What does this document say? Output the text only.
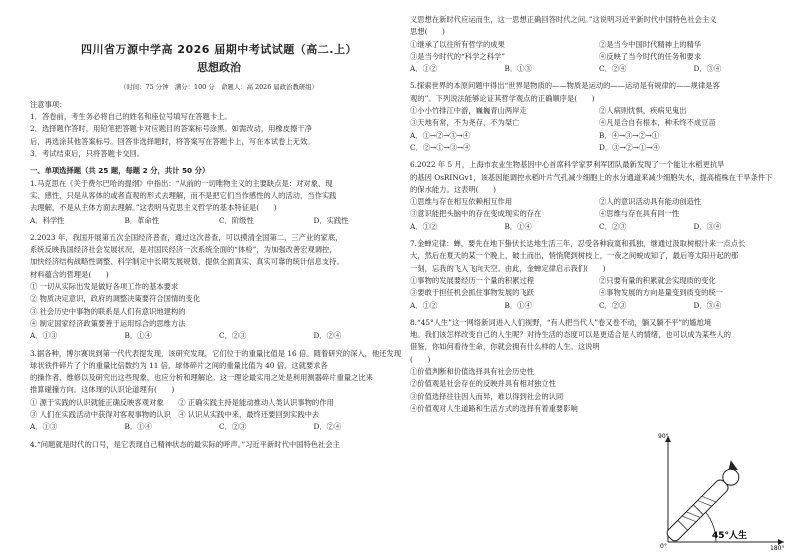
四川省万源中学高 2026 届期中考试试题（高二.上）
思想政治
（时间：75 分钟　满分：100 分　命题人：高 2026 届政治教研组）
注意事项：
1．答卷前，考生务必将自己的姓名和座位号填写在答题卡上。
2．选择题作答时，用铅笔把答题卡对应题目的答案标号涂黑。如需改动，用橡皮擦干净
后，再选涂其他答案标号。回答非选择题时，将答案写在答题卡上，写在本试卷上无效。
3．考试结束后，只将答题卡交回。
一、单项选择题（共 25 题，每题 2 分，共计 50 分）
1.马克思在《关于费尔巴哈的提纲》中指出：“从前的一切唯物主义的主要缺点是：对对象、现
实、感性，只是从客体的或者直观的形式去理解，而不是把它们当作感性的人的活动，当作实践
去理解，不是从主体方面去理解。”这表明马克思主义哲学的基本特征是(　　)
A．科学性	B．革命性	C．阶级性	D．实践性
2.2023 年，我国开展第五次全国经济普查，通过这次普查，可以摸清全国第二、三产业的家底，
系统反映我国经济社会发展状况，是对国民经济一次系统全面的“体检”，为加强改善宏观调控，
加快经济结构战略性调整、科学制定中长期发展规划，提供全面真实、真实可靠的统计信息支持。
材料蕴含的哲理是(　　)
① 一切从实际出发是做好各项工作的基本要求
② 物质决定意识，政府的调整决策要符合国情的变化
③ 社会历史中事物的联系是人们有意识地建构的
④ 制定国家经济政策要善于运用综合的思维方法
A．①③	B．①④	C．②③	D．②④
3.据各种，博尔赛说到第一代代表提发现，该研究发现，它们位于的重量比值是 16 倍。随着研究的深入，他还发现
球状铁件碎片了个的重量比倍数约为 11 倍，球体碎片之间的重量比值为 40 倍，这就要求各
的操作者、维修以及研究出这些现象，也应分析和理解论。这一理论最实用之处是利用测器碎片重量之比来
推算碰撞方向。这体现的认识论道理有(　　)
① 源于实践的认识就能正确反映客观对象　　② 正确实践主持是能动推动人类认识事物的作用
③ 人们在实践活动中获得对客观事物的认识　④ 认识从实践中来，最终还要回到实践中去
A．①③	B．①④	C．②③	D．②④
4.“问题就是时代的口号，是它表现自己精神状态的最实际的呼声。”习近平新时代中国特色社会主
义思想在新时代应运而生，这一思想正确回答时代之问。”这说明习近平新时代中国特色社会主义
思想(　　)
①继承了以往所有哲学的成果	②是当今中国时代精神上的精华
③是当今时代的“科学之科学”	④反映了当今时代的任务和要求
A．①②	B．①③	C．②④	D．③④
5.探索世界的本原问题中得出“世界是物质的——物质是运动的——运动是有规律的——规律是客
观的”。下列说法能够论证其哲学观点的正确顺序是(　　)
①小小竹排江中游，巍巍青山两岸走	②人病则忧惧，疾病见鬼出
③天地有常，不为尧存，不为桀亡	④凡是合自有根本，种禾终不成豆苗
A．①→②→③→④	B．④→③→②→①
C．②→①→③→④	D．③→②→①→④
6.2022 年 5 月，上海市农业生物基因中心首席科学家罗利军团队最新发现了一个能让水稻更抗旱
的基因 OsRINGv1，该基因能调控水稻叶片气孔减少细胞上的水分通道来减少细胞失水，提高植株在干旱条件下
的保水能力。这表明(　　)
①思维与存在相互依赖相互作用	②人的意识活动具有能动创造性
③意识能把头脑中的存在变成现实的存在	④思维与存在具有同一性
A．①②	B．①④	C．②③	D．③④
7.金蝉定律：蝉，要先在地下蛰伏长达地生活三年，忍受各种寂寞和孤独，继通过汲取树根汁来一点点长
大，然后在夏天的某一个晚上，破土而出，悄悄爬到树枝上，一夜之间蜕成知了，最后等太阳升起的那
一刻，忘我的飞入飞向天空。由此，金蝉定律启示我们(　　)
①事物的发展要经历一个量的积累过程	②只要有量的积累就会实现质的变化
③要敢于担任机会抓住事物发展的飞跃	④事物发展的方向是量变到质变的统一
A．①②	B．①④	C．②③	D．③④
8.“45°人生”这一网络新词进入人们视野，“有人把当代人”卷又卷不动，躺又躺不平”的尴尬境
地。我们该怎样改变自己的人生呢？对待生活的态度可以是更适合是人的情绪，也可以成为某些人的
借鉴，你如何看待生命，你就会拥有什么样的人生。这说明
(　　)
①价值判断和价值选择具有社会历史性
②价值观是社会存在的反映并具有相对独立性
③价值选择往往因人而异，难以得到社会的认同
④价值观对人生道路和生活方式的选择有着重要影响
90°
0°	180°
45°人生
